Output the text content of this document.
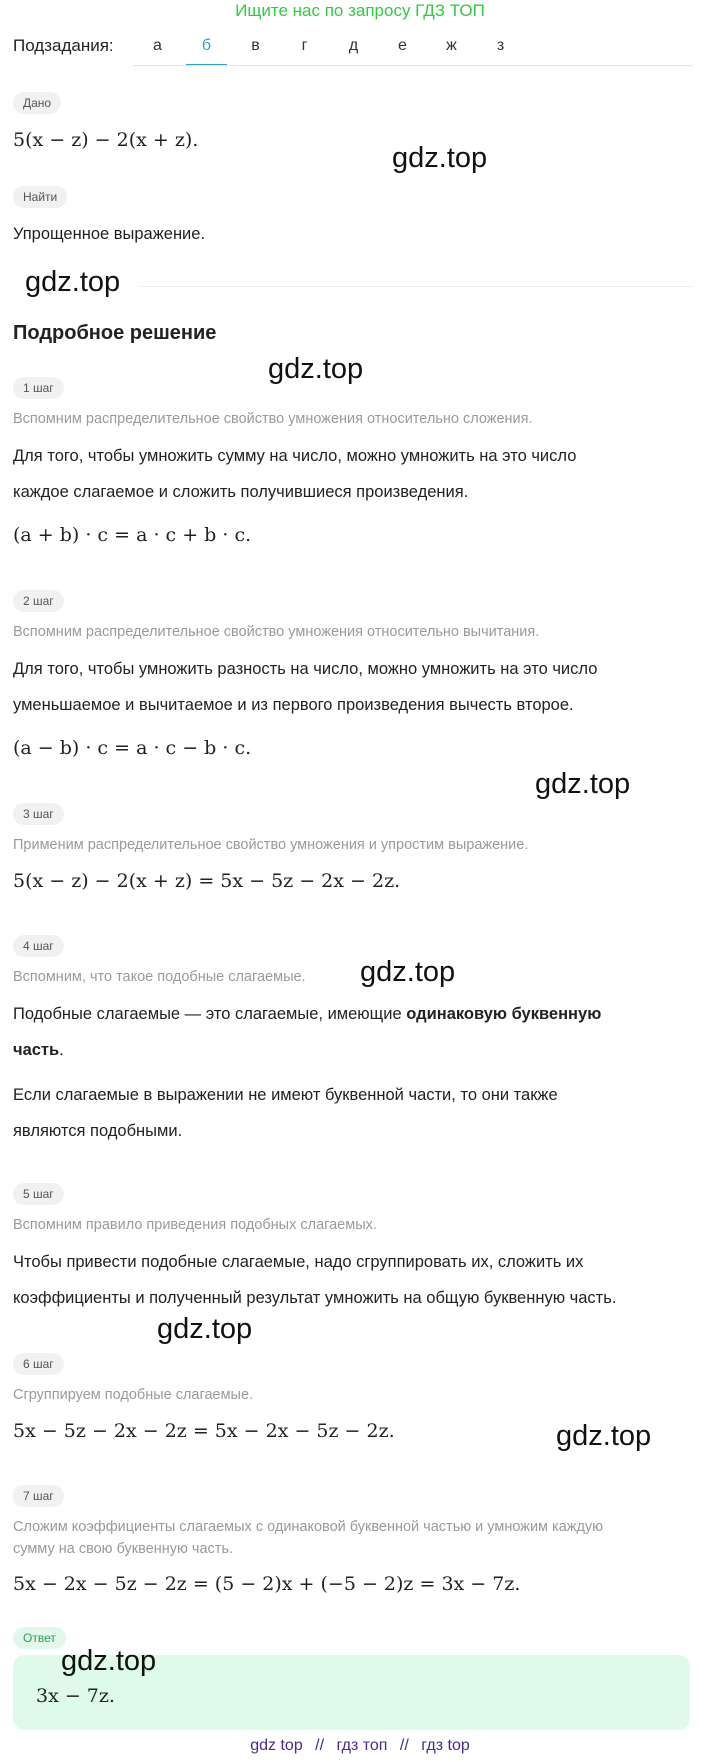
Ищите нас по запросу ГДЗ ТОП
Подзадания:	а	б	в	г	д	е	ж	з
Дано
5(x − z) − 2(x + z).
Найти
Упрощенное выражение.
Подробное решение
1 шаг
Вспомним распределительное свойство умножения относительно сложения.
Для того, чтобы умножить сумму на число, можно умножить на это число
каждое слагаемое и сложить получившиеся произведения.
(a + b) · c = a · c + b · c.
2 шаг
Вспомним распределительное свойство умножения относительно вычитания.
Для того, чтобы умножить разность на число, можно умножить на это число
уменьшаемое и вычитаемое и из первого произведения вычесть второе.
(a − b) · c = a · c − b · c.
3 шаг
Применим распределительное свойство умножения и упростим выражение.
5(x − z) − 2(x + z) = 5x − 5z − 2x − 2z.
4 шаг
Вспомним, что такое подобные слагаемые.
Подобные слагаемые — это слагаемые, имеющие одинаковую буквенную
часть.
Если слагаемые в выражении не имеют буквенной части, то они также
являются подобными.
5 шаг
Вспомним правило приведения подобных слагаемых.
Чтобы привести подобные слагаемые, надо сгруппировать их, сложить их
коэффициенты и полученный результат умножить на общую буквенную часть.
6 шаг
Сгруппируем подобные слагаемые.
5x − 5z − 2x − 2z = 5x − 2x − 5z − 2z.
7 шаг
Сложим коэффициенты слагаемых с одинаковой буквенной частью и умножим каждую
сумму на свою буквенную часть.
5x − 2x − 5z − 2z = (5 − 2)x + (−5 − 2)z = 3x − 7z.
Ответ
3x − 7z.
gdz.top
gdz.top
gdz.top
gdz.top
gdz.top
gdz.top
gdz.top
gdz.top
gdz top // гдз топ // гдз top
